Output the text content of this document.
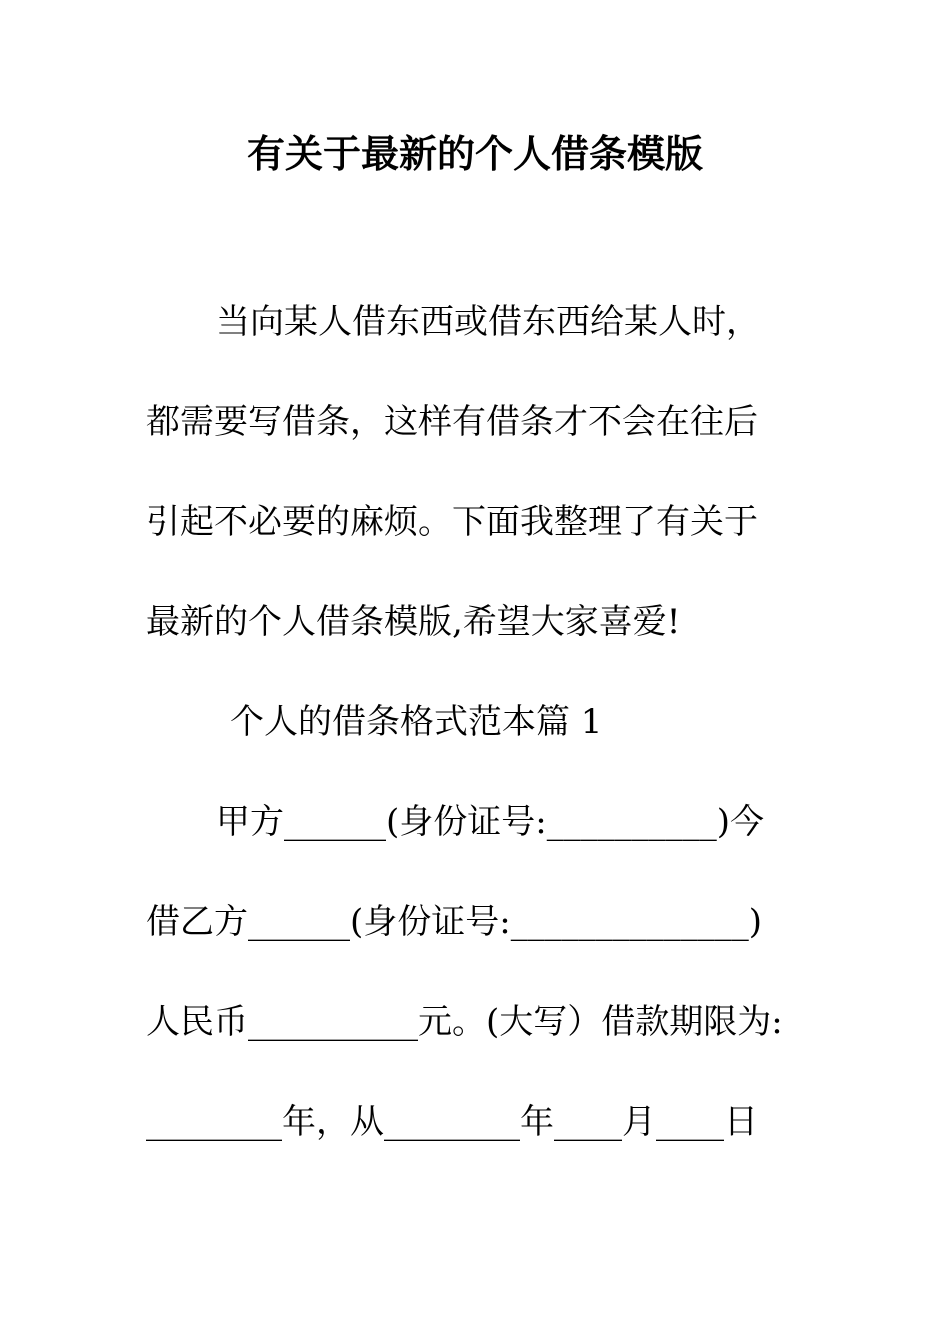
有关于最新的个人借条模版
当向某人借东西或借东西给某人时，
都需要写借条，这样有借条才不会在往后
引起不必要的麻烦。下面我整理了有关于
最新的个人借条模版,希望大家喜爱!
个人的借条格式范本篇 1
甲方______(身份证号:__________)今
借乙方______(身份证号:______________)
人民币__________元。(大写）借款期限为:
________年，从________年____月____日
